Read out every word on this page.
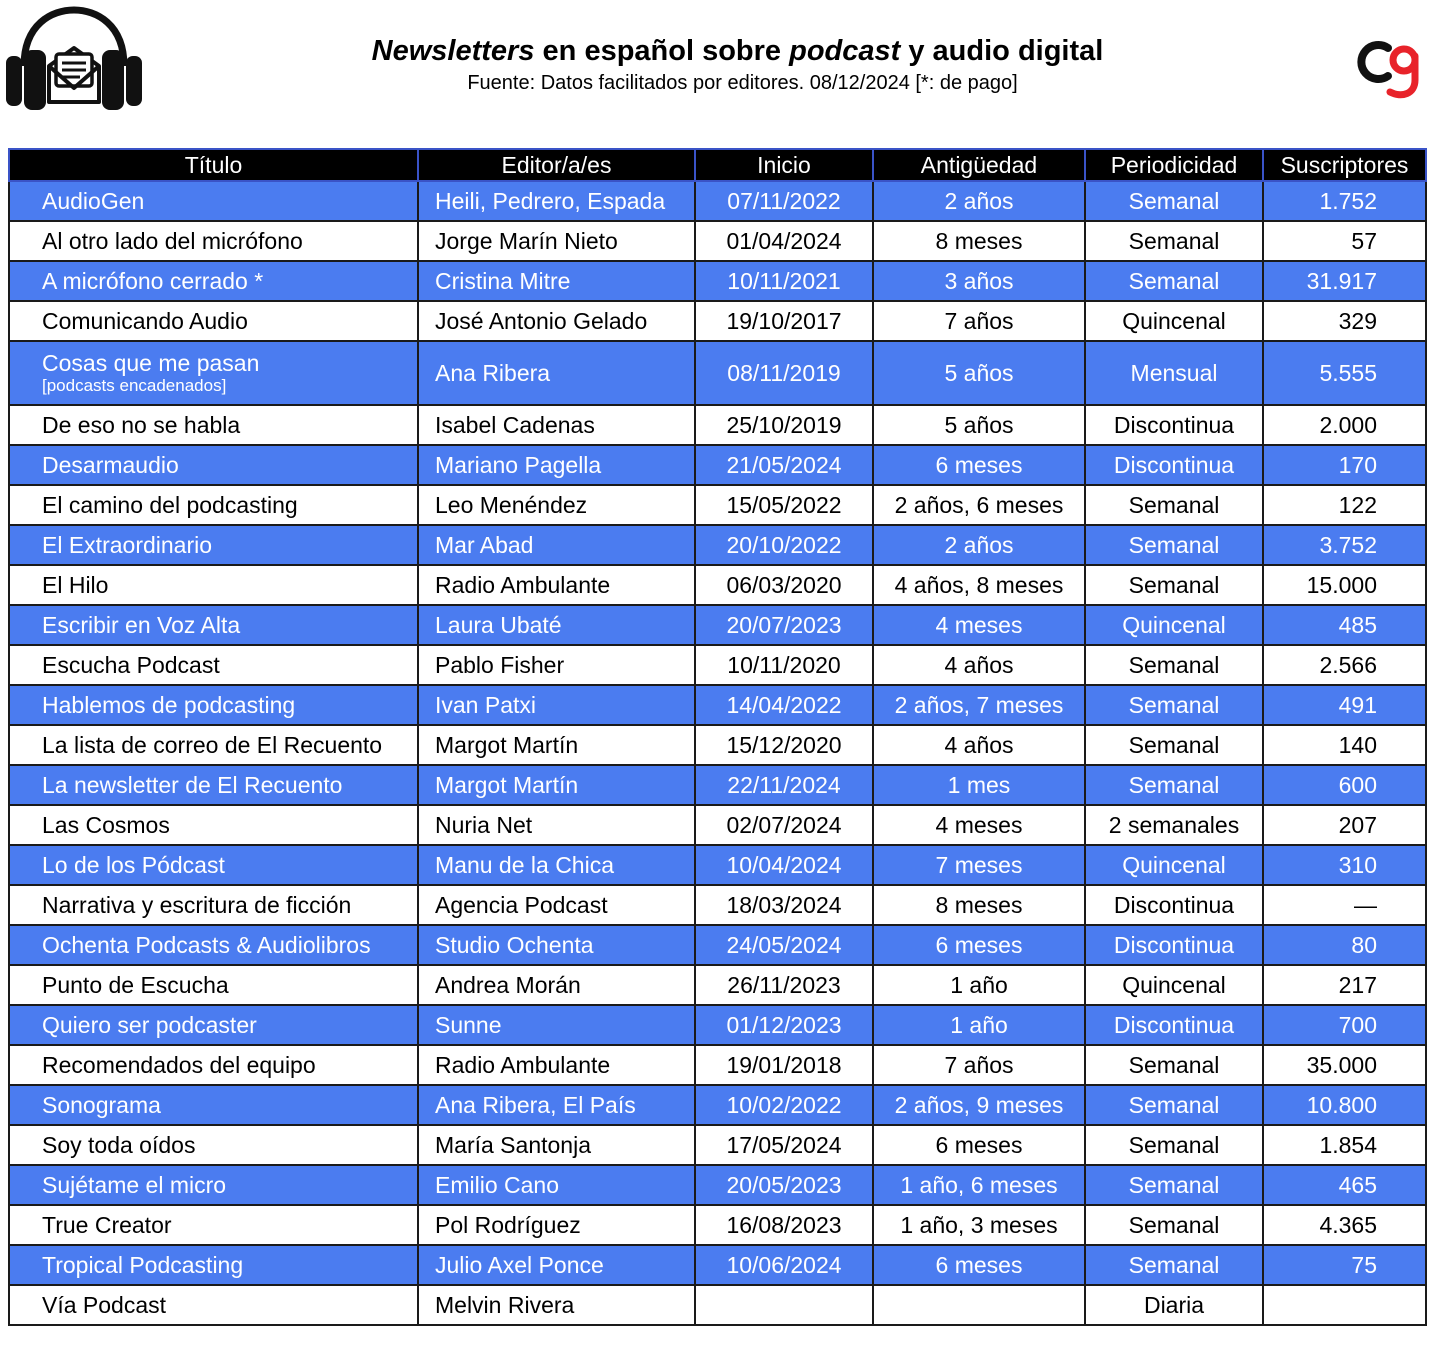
Newsletters en español sobre podcast y audio digital
Fuente: Datos facilitados por editores. 08/12/2024 [*: de pago]
Título	Editor/a/es	Inicio	Antigüedad	Periodicidad	Suscriptores
AudioGen	Heili, Pedrero, Espada	07/11/2022	2 años	Semanal	1.752
Al otro lado del micrófono	Jorge Marín Nieto	01/04/2024	8 meses	Semanal	57
A micrófono cerrado *	Cristina Mitre	10/11/2021	3 años	Semanal	31.917
Comunicando Audio	José Antonio Gelado	19/10/2017	7 años	Quincenal	329

Cosas que me pasan
[podcasts encadenados]	Ana Ribera	08/11/2019	5 años	Mensual	5.555
De eso no se habla	Isabel Cadenas	25/10/2019	5 años	Discontinua	2.000
Desarmaudio	Mariano Pagella	21/05/2024	6 meses	Discontinua	170
El camino del podcasting	Leo Menéndez	15/05/2022	2 años, 6 meses	Semanal	122
El Extraordinario	Mar Abad	20/10/2022	2 años	Semanal	3.752
El Hilo	Radio Ambulante	06/03/2020	4 años, 8 meses	Semanal	15.000
Escribir en Voz Alta	Laura Ubaté	20/07/2023	4 meses	Quincenal	485
Escucha Podcast	Pablo Fisher	10/11/2020	4 años	Semanal	2.566
Hablemos de podcasting	Ivan Patxi	14/04/2022	2 años, 7 meses	Semanal	491
La lista de correo de El Recuento	Margot Martín	15/12/2020	4 años	Semanal	140
La newsletter de El Recuento	Margot Martín	22/11/2024	1 mes	Semanal	600
Las Cosmos	Nuria Net	02/07/2024	4 meses	2 semanales	207
Lo de los Pódcast	Manu de la Chica	10/04/2024	7 meses	Quincenal	310
Narrativa y escritura de ficción	Agencia Podcast	18/03/2024	8 meses	Discontinua	—
Ochenta Podcasts & Audiolibros	Studio Ochenta	24/05/2024	6 meses	Discontinua	80
Punto de Escucha	Andrea Morán	26/11/2023	1 año	Quincenal	217
Quiero ser podcaster	Sunne	01/12/2023	1 año	Discontinua	700
Recomendados del equipo	Radio Ambulante	19/01/2018	7 años	Semanal	35.000
Sonograma	Ana Ribera, El País	10/02/2022	2 años, 9 meses	Semanal	10.800
Soy toda oídos	María Santonja	17/05/2024	6 meses	Semanal	1.854
Sujétame el micro	Emilio Cano	20/05/2023	1 año, 6 meses	Semanal	465
True Creator	Pol Rodríguez	16/08/2023	1 año, 3 meses	Semanal	4.365
Tropical Podcasting	Julio Axel Ponce	10/06/2024	6 meses	Semanal	75
Vía Podcast	Melvin Rivera			Diaria	
